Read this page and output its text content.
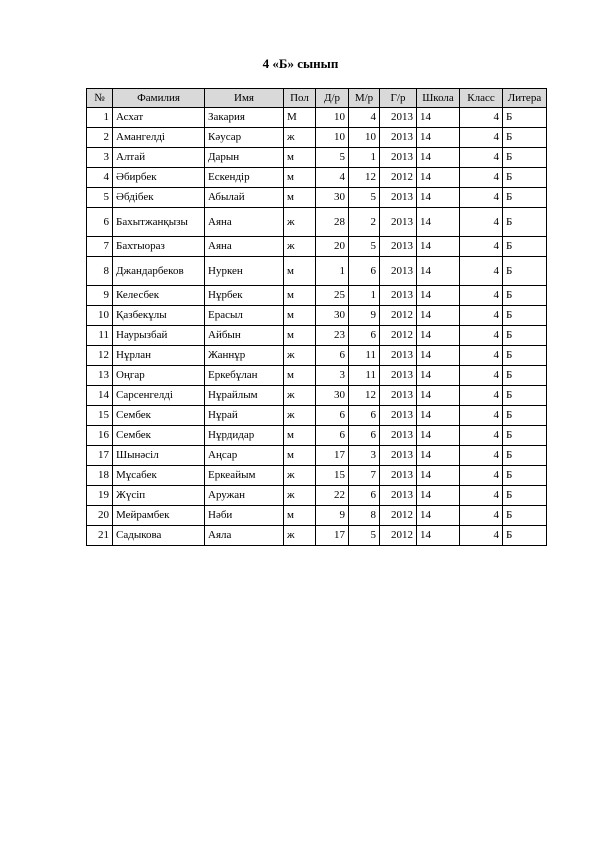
4 «Б» сынып
№	Фамилия	Имя	Пол	Д/р	М/р	Г/р	Школа	Класс	Литера
1	Асхат	Закария	М	10	4	2013	14	4	Б
2	Амангелді	Кәусар	ж	10	10	2013	14	4	Б
3	Алтай	Дарын	м	5	1	2013	14	4	Б
4	Әбирбек	Ескендір	м	4	12	2012	14	4	Б
5	Әбдібек	Абылай	м	30	5	2013	14	4	Б
6	Бахытжанқызы	Аяна	ж	28	2	2013	14	4	Б
7	Бахтыораз	Аяна	ж	20	5	2013	14	4	Б
8	Джандарбеков	Нуркен	м	1	6	2013	14	4	Б
9	Келесбек	Нұрбек	м	25	1	2013	14	4	Б
10	Қазбекұлы	Ерасыл	м	30	9	2012	14	4	Б
11	Наурызбай	Айбын	м	23	6	2012	14	4	Б
12	Нұрлан	Жаннұр	ж	6	11	2013	14	4	Б
13	Оңгар	Еркебұлан	м	3	11	2013	14	4	Б
14	Сарсенгелді	Нұрайлым	ж	30	12	2013	14	4	Б
15	Сембек	Нұрай	ж	6	6	2013	14	4	Б
16	Сембек	Нұрдидар	м	6	6	2013	14	4	Б
17	Шынәсіл	Аңсар	м	17	3	2013	14	4	Б
18	Мұсабек	Еркеайым	ж	15	7	2013	14	4	Б
19	Жүсіп	Аружан	ж	22	6	2013	14	4	Б
20	Мейрамбек	Нәби	м	9	8	2012	14	4	Б
21	Садыкова	Аяла	ж	17	5	2012	14	4	Б
